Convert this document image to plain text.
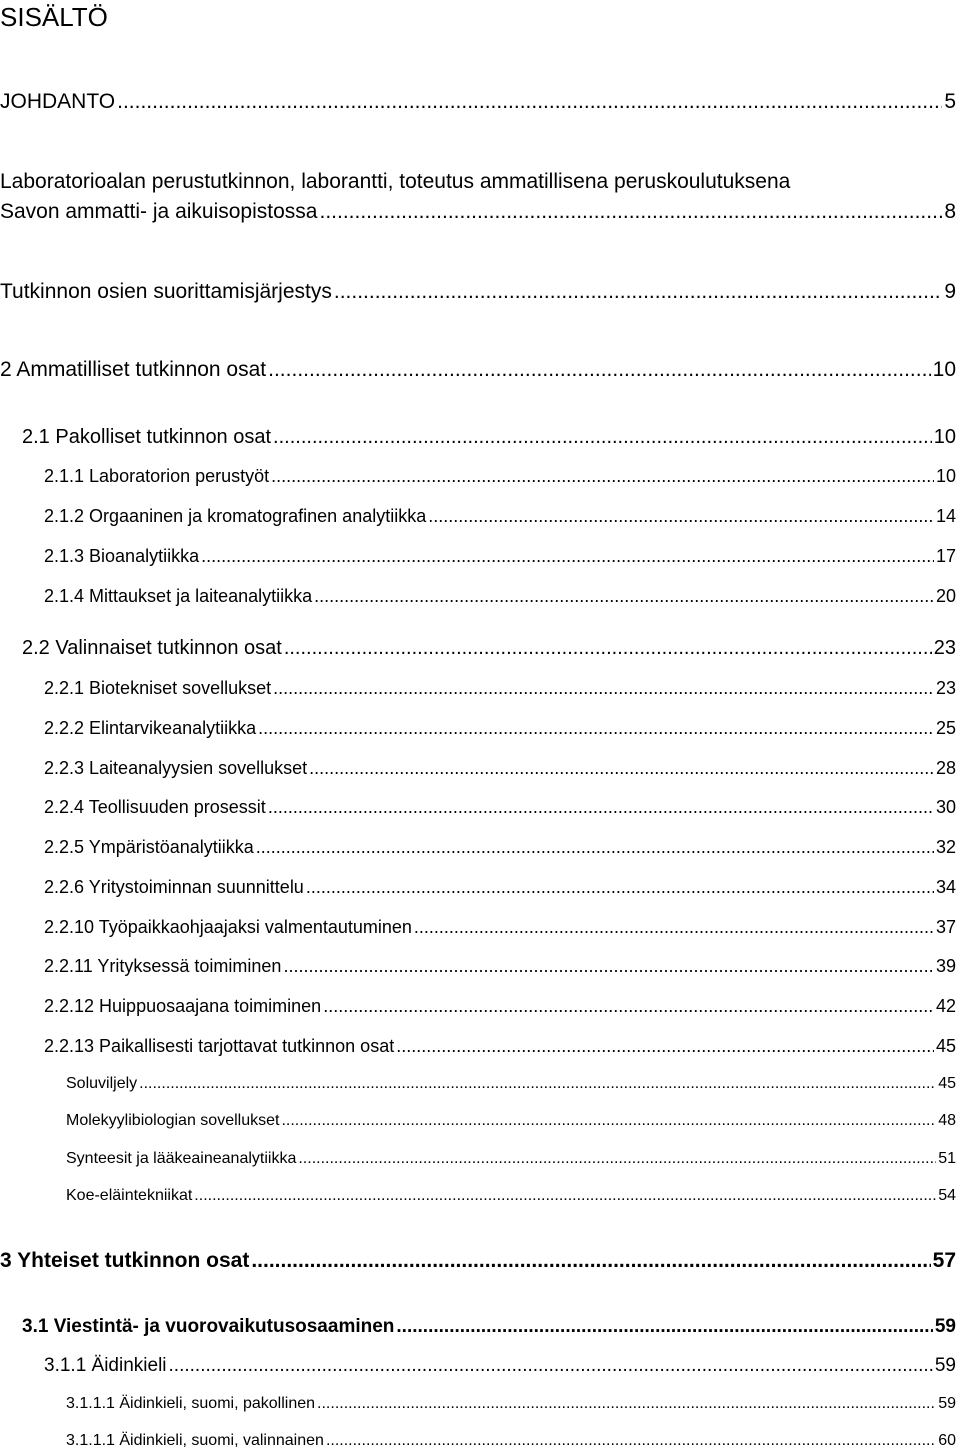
SISÄLTÖ
JOHDANTO .....	5
Laboratorioalan perustutkinnon, laborantti, toteutus ammatillisena peruskoulutuksena
Savon ammatti- ja aikuisopistossa .....	8
Tutkinnon osien suorittamisjärjestys .....	9
2 Ammatilliset tutkinnon osat .....	10
2.1 Pakolliset tutkinnon osat .....	10
2.1.1 Laboratorion perustyöt .....	10
2.1.2 Orgaaninen ja kromatografinen analytiikka .....	14
2.1.3 Bioanalytiikka .....	17
2.1.4 Mittaukset ja laiteanalytiikka .....	20
2.2 Valinnaiset tutkinnon osat .....	23
2.2.1 Biotekniset sovellukset .....	23
2.2.2 Elintarvikeanalytiikka .....	25
2.2.3 Laiteanalyysien sovellukset .....	28
2.2.4 Teollisuuden prosessit .....	30
2.2.5 Ympäristöanalytiikka .....	32
2.2.6 Yritystoiminnan suunnittelu .....	34
2.2.10 Työpaikkaohjaajaksi valmentautuminen .....	37
2.2.11 Yrityksessä toimiminen .....	39
2.2.12 Huippuosaajana toimiminen .....	42
2.2.13 Paikallisesti tarjottavat tutkinnon osat .....	45
Soluviljely .....	45
Molekyylibiologian sovellukset .....	48
Synteesit ja lääkeaineanalytiikka .....	51
Koe-eläintekniikat .....	54
3 Yhteiset tutkinnon osat .....	57
3.1 Viestintä- ja vuorovaikutusosaaminen .....	59
3.1.1 Äidinkieli .....	59
3.1.1.1 Äidinkieli, suomi, pakollinen .....	59
3.1.1.1 Äidinkieli, suomi, valinnainen .....	60
